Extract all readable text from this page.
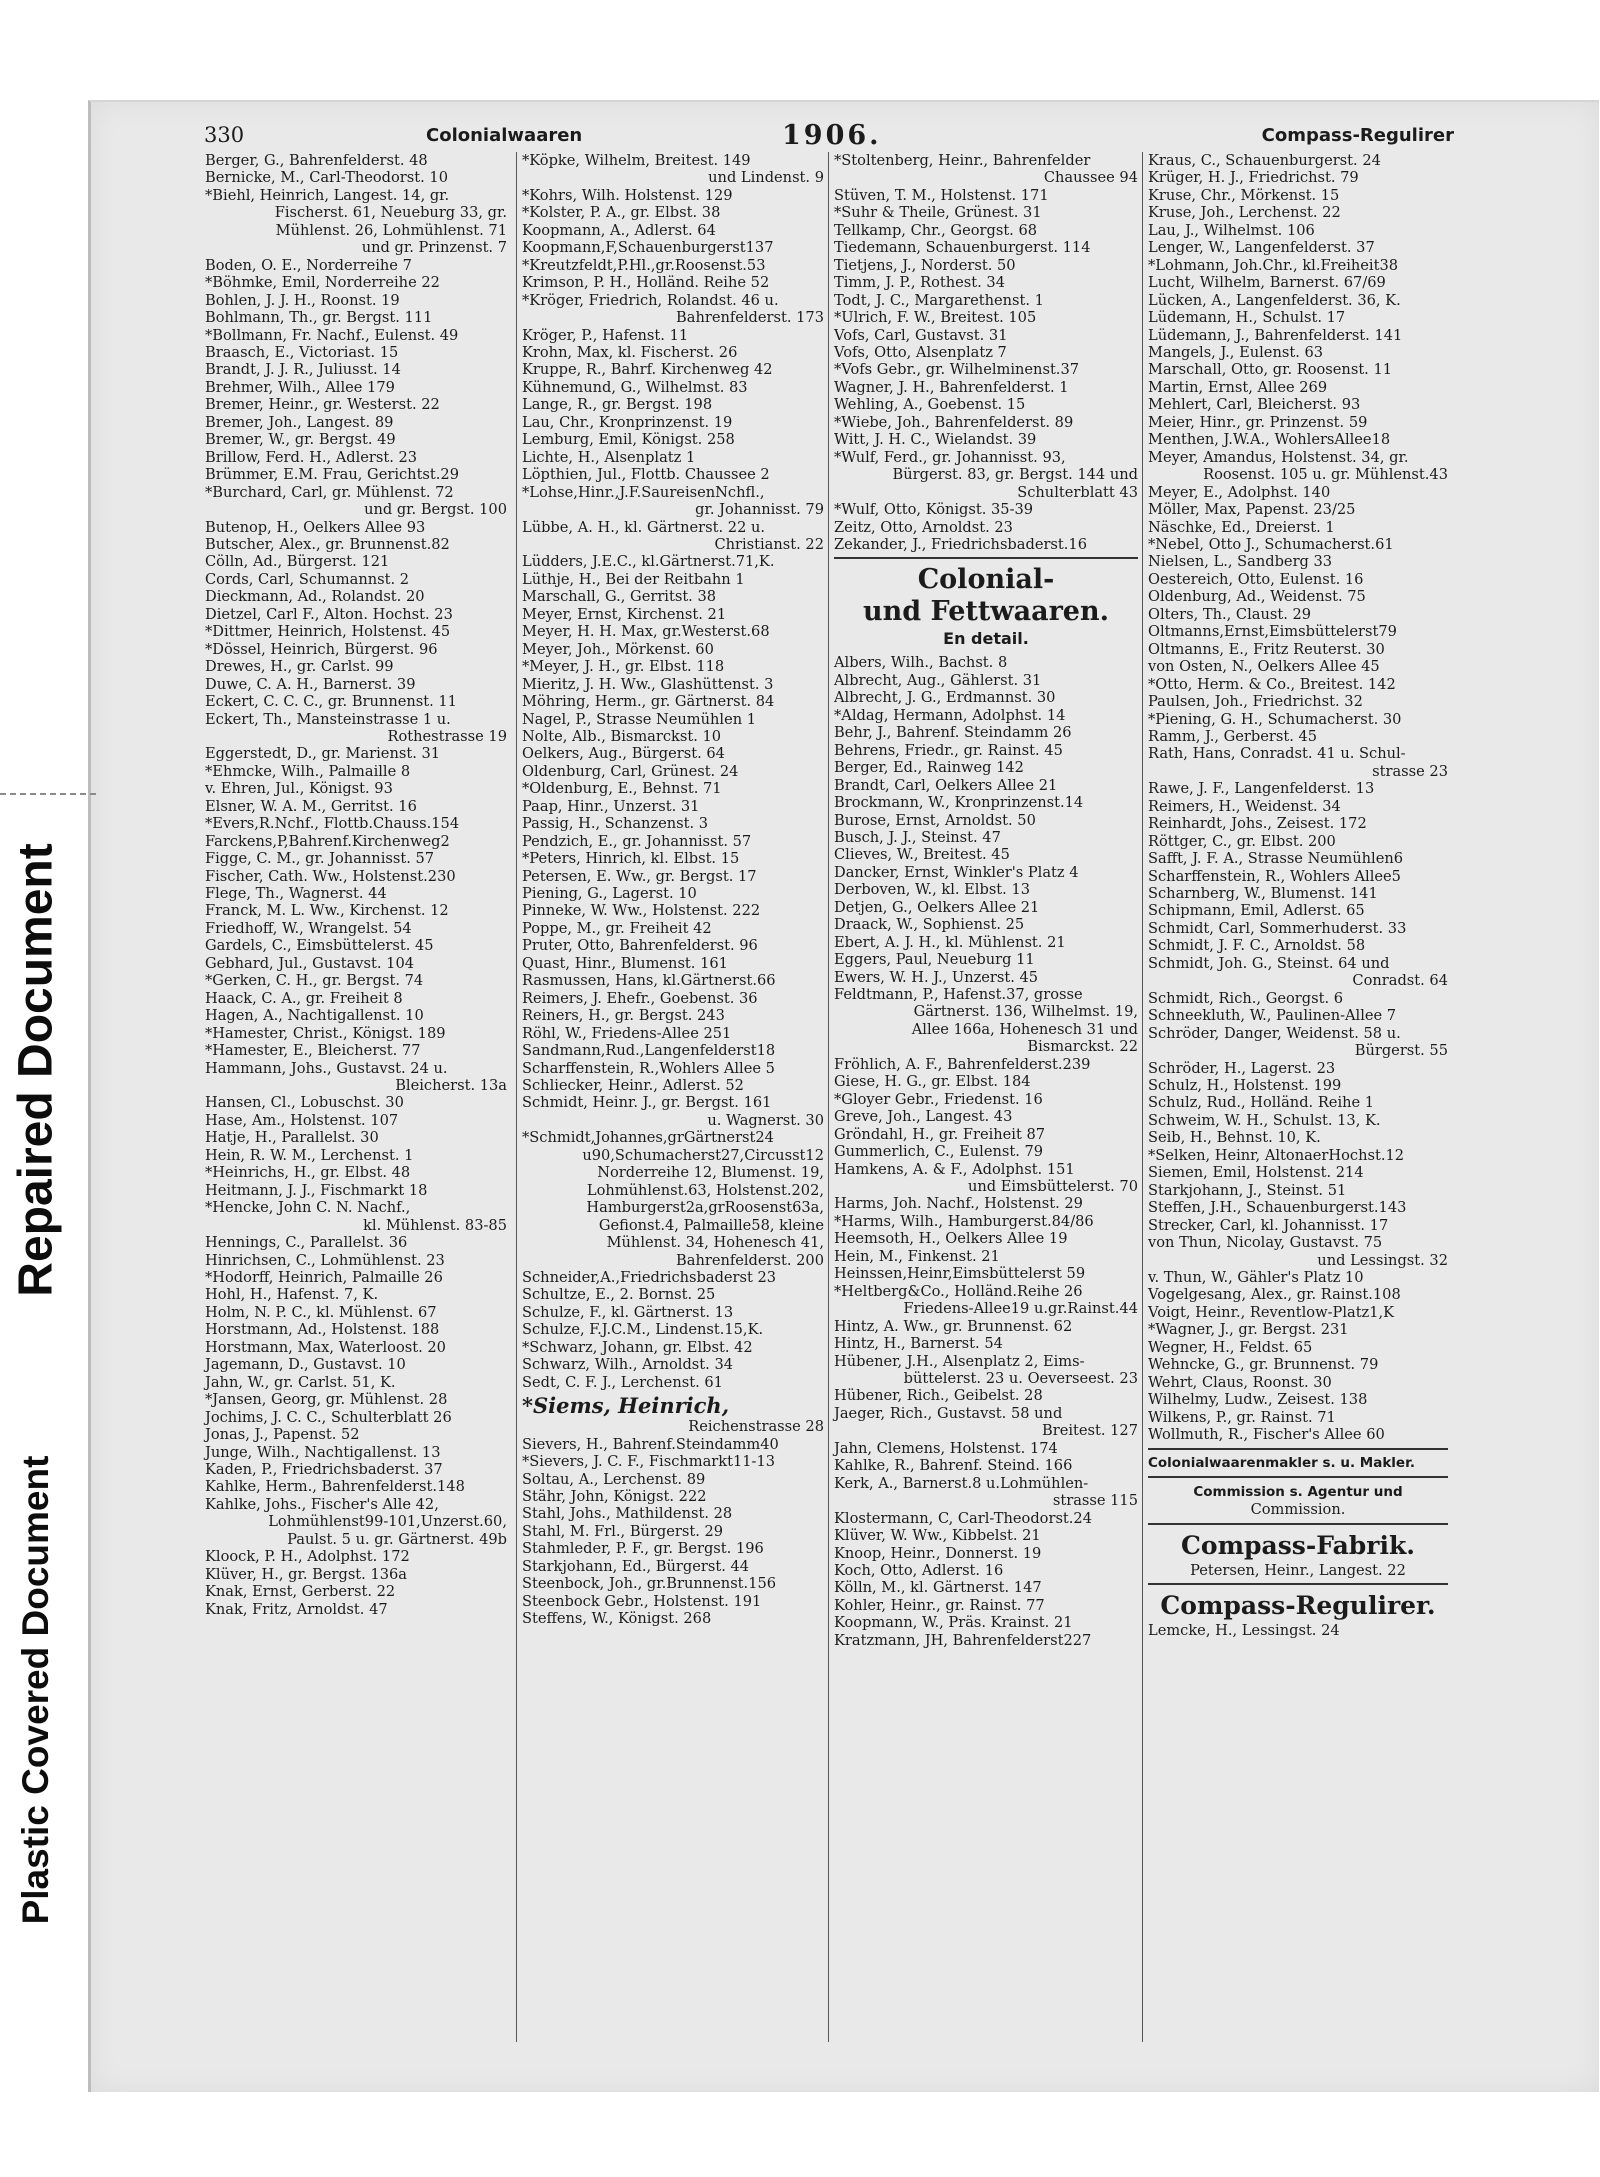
Repaired Document
Plastic Covered Document
330	Colonialwaaren	1906.	Compass-Regulirer
Berger, G., Bahrenfelderst. 48
Bernicke, M., Carl-Theodorst. 10
*Biehl, Heinrich, Langest. 14, gr.
Fischerst. 61, Neueburg 33, gr.
Mühlenst. 26, Lohmühlenst. 71
und gr. Prinzenst. 7
Boden, O. E., Norderreihe 7
*Böhmke, Emil, Norderreihe 22
Bohlen, J. J. H., Roonst. 19
Bohlmann, Th., gr. Bergst. 111
*Bollmann, Fr. Nachf., Eulenst. 49
Braasch, E., Victoriast. 15
Brandt, J. J. R., Juliusst. 14
Brehmer, Wilh., Allee 179
Bremer, Heinr., gr. Westerst. 22
Bremer, Joh., Langest. 89
Bremer, W., gr. Bergst. 49
Brillow, Ferd. H., Adlerst. 23
Brümmer, E.M. Frau, Gerichtst.29
*Burchard, Carl, gr. Mühlenst. 72
und gr. Bergst. 100
Butenop, H., Oelkers Allee 93
Butscher, Alex., gr. Brunnenst.82
Cölln, Ad., Bürgerst. 121
Cords, Carl, Schumannst. 2
Dieckmann, Ad., Rolandst. 20
Dietzel, Carl F., Alton. Hochst. 23
*Dittmer, Heinrich, Holstenst. 45
*Dössel, Heinrich, Bürgerst. 96
Drewes, H., gr. Carlst. 99
Duwe, C. A. H., Barnerst. 39
Eckert, C. C. C., gr. Brunnenst. 11
Eckert, Th., Mansteinstrasse 1 u.
Rothestrasse 19
Eggerstedt, D., gr. Marienst. 31
*Ehmcke, Wilh., Palmaille 8
v. Ehren, Jul., Königst. 93
Elsner, W. A. M., Gerritst. 16
*Evers,R.Nchf., Flottb.Chauss.154
Farckens,P,Bahrenf.Kirchenweg2
Figge, C. M., gr. Johannisst. 57
Fischer, Cath. Ww., Holstenst.230
Flege, Th., Wagnerst. 44
Franck, M. L. Ww., Kirchenst. 12
Friedhoff, W., Wrangelst. 54
Gardels, C., Eimsbüttelerst. 45
Gebhard, Jul., Gustavst. 104
*Gerken, C. H., gr. Bergst. 74
Haack, C. A., gr. Freiheit 8
Hagen, A., Nachtigallenst. 10
*Hamester, Christ., Königst. 189
*Hamester, E., Bleicherst. 77
Hammann, Johs., Gustavst. 24 u.
Bleicherst. 13a
Hansen, Cl., Lobuschst. 30
Hase, Am., Holstenst. 107
Hatje, H., Parallelst. 30
Hein, R. W. M., Lerchenst. 1
*Heinrichs, H., gr. Elbst. 48
Heitmann, J. J., Fischmarkt 18
*Hencke, John C. N. Nachf.,
kl. Mühlenst. 83-85
Hennings, C., Parallelst. 36
Hinrichsen, C., Lohmühlenst. 23
*Hodorff, Heinrich, Palmaille 26
Hohl, H., Hafenst. 7, K.
Holm, N. P. C., kl. Mühlenst. 67
Horstmann, Ad., Holstenst. 188
Horstmann, Max, Waterloost. 20
Jagemann, D., Gustavst. 10
Jahn, W., gr. Carlst. 51, K.
*Jansen, Georg, gr. Mühlenst. 28
Jochims, J. C. C., Schulterblatt 26
Jonas, J., Papenst. 52
Junge, Wilh., Nachtigallenst. 13
Kaden, P., Friedrichsbaderst. 37
Kahlke, Herm., Bahrenfelderst.148
Kahlke, Johs., Fischer's Alle 42,
Lohmühlenst99-101,Unzerst.60,
Paulst. 5 u. gr. Gärtnerst. 49b
Kloock, P. H., Adolphst. 172
Klüver, H., gr. Bergst. 136a
Knak, Ernst, Gerberst. 22
Knak, Fritz, Arnoldst. 47
*Köpke, Wilhelm, Breitest. 149
und Lindenst. 9
*Kohrs, Wilh. Holstenst. 129
*Kolster, P. A., gr. Elbst. 38
Koopmann, A., Adlerst. 64
Koopmann,F,Schauenburgerst137
*Kreutzfeldt,P.Hl.,gr.Roosenst.53
Krimson, P. H., Holländ. Reihe 52
*Kröger, Friedrich, Rolandst. 46 u.
Bahrenfelderst. 173
Kröger, P., Hafenst. 11
Krohn, Max, kl. Fischerst. 26
Kruppe, R., Bahrf. Kirchenweg 42
Kühnemund, G., Wilhelmst. 83
Lange, R., gr. Bergst. 198
Lau, Chr., Kronprinzenst. 19
Lemburg, Emil, Königst. 258
Lichte, H., Alsenplatz 1
Löpthien, Jul., Flottb. Chaussee 2
*Lohse,Hinr.,J.F.SaureisenNchfl.,
gr. Johannisst. 79
Lübbe, A. H., kl. Gärtnerst. 22 u.
Christianst. 22
Lüdders, J.E.C., kl.Gärtnerst.71,K.
Lüthje, H., Bei der Reitbahn 1
Marschall, G., Gerritst. 38
Meyer, Ernst, Kirchenst. 21
Meyer, H. H. Max, gr.Westerst.68
Meyer, Joh., Mörkenst. 60
*Meyer, J. H., gr. Elbst. 118
Mieritz, J. H. Ww., Glashüttenst. 3
Möhring, Herm., gr. Gärtnerst. 84
Nagel, P., Strasse Neumühlen 1
Nolte, Alb., Bismarckst. 10
Oelkers, Aug., Bürgerst. 64
Oldenburg, Carl, Grünest. 24
*Oldenburg, E., Behnst. 71
Paap, Hinr., Unzerst. 31
Passig, H., Schanzenst. 3
Pendzich, E., gr. Johannisst. 57
*Peters, Hinrich, kl. Elbst. 15
Petersen, E. Ww., gr. Bergst. 17
Piening, G., Lagerst. 10
Pinneke, W. Ww., Holstenst. 222
Poppe, M., gr. Freiheit 42
Pruter, Otto, Bahrenfelderst. 96
Quast, Hinr., Blumenst. 161
Rasmussen, Hans, kl.Gärtnerst.66
Reimers, J. Ehefr., Goebenst. 36
Reiners, H., gr. Bergst. 243
Röhl, W., Friedens-Allee 251
Sandmann,Rud.,Langenfelderst18
Scharffenstein, R.,Wohlers Allee 5
Schliecker, Heinr., Adlerst. 52
Schmidt, Heinr. J., gr. Bergst. 161
u. Wagnerst. 30
*Schmidt,Johannes,grGärtnerst24
u90,Schumacherst27,Circusst12
Norderreihe 12, Blumenst. 19,
Lohmühlenst.63, Holstenst.202,
Hamburgerst2a,grRoosenst63a,
Gefionst.4, Palmaille58, kleine
Mühlenst. 34, Hohenesch 41,
Bahrenfelderst. 200
Schneider,A.,Friedrichsbaderst 23
Schultze, E., 2. Bornst. 25
Schulze, F., kl. Gärtnerst. 13
Schulze, F.J.C.M., Lindenst.15,K.
*Schwarz, Johann, gr. Elbst. 42
Schwarz, Wilh., Arnoldst. 34
Sedt, C. F. J., Lerchenst. 61
*Siems, Heinrich,
Reichenstrasse 28
Sievers, H., Bahrenf.Steindamm40
*Sievers, J. C. F., Fischmarkt11-13
Soltau, A., Lerchenst. 89
Stähr, John, Königst. 222
Stahl, Johs., Mathildenst. 28
Stahl, M. Frl., Bürgerst. 29
Stahmleder, P. F., gr. Bergst. 196
Starkjohann, Ed., Bürgerst. 44
Steenbock, Joh., gr.Brunnenst.156
Steenbock Gebr., Holstenst. 191
Steffens, W., Königst. 268
*Stoltenberg, Heinr., Bahrenfelder
Chaussee 94
Stüven, T. M., Holstenst. 171
*Suhr & Theile, Grünest. 31
Tellkamp, Chr., Georgst. 68
Tiedemann, Schauenburgerst. 114
Tietjens, J., Norderst. 50
Timm, J. P., Rothest. 34
Todt, J. C., Margarethenst. 1
*Ulrich, F. W., Breitest. 105
Vofs, Carl, Gustavst. 31
Vofs, Otto, Alsenplatz 7
*Vofs Gebr., gr. Wilhelminenst.37
Wagner, J. H., Bahrenfelderst. 1
Wehling, A., Goebenst. 15
*Wiebe, Joh., Bahrenfelderst. 89
Witt, J. H. C., Wielandst. 39
*Wulf, Ferd., gr. Johannisst. 93,
Bürgerst. 83, gr. Bergst. 144 und
Schulterblatt 43
*Wulf, Otto, Königst. 35-39
Zeitz, Otto, Arnoldst. 23
Zekander, J., Friedrichsbaderst.16
Colonial-
und Fettwaaren.
En detail.
Albers, Wilh., Bachst. 8
Albrecht, Aug., Gählerst. 31
Albrecht, J. G., Erdmannst. 30
*Aldag, Hermann, Adolphst. 14
Behr, J., Bahrenf. Steindamm 26
Behrens, Friedr., gr. Rainst. 45
Berger, Ed., Rainweg 142
Brandt, Carl, Oelkers Allee 21
Brockmann, W., Kronprinzenst.14
Burose, Ernst, Arnoldst. 50
Busch, J. J., Steinst. 47
Clieves, W., Breitest. 45
Dancker, Ernst, Winkler's Platz 4
Derboven, W., kl. Elbst. 13
Detjen, G., Oelkers Allee 21
Draack, W., Sophienst. 25
Ebert, A. J. H., kl. Mühlenst. 21
Eggers, Paul, Neueburg 11
Ewers, W. H. J., Unzerst. 45
Feldtmann, P., Hafenst.37, grosse
Gärtnerst. 136, Wilhelmst. 19,
Allee 166a, Hohenesch 31 und
Bismarckst. 22
Fröhlich, A. F., Bahrenfelderst.239
Giese, H. G., gr. Elbst. 184
*Gloyer Gebr., Friedenst. 16
Greve, Joh., Langest. 43
Gröndahl, H., gr. Freiheit 87
Gummerlich, C., Eulenst. 79
Hamkens, A. & F., Adolphst. 151
und Eimsbüttelerst. 70
Harms, Joh. Nachf., Holstenst. 29
*Harms, Wilh., Hamburgerst.84/86
Heemsoth, H., Oelkers Allee 19
Hein, M., Finkenst. 21
Heinssen,Heinr,Eimsbüttelerst 59
*Heltberg&Co., Holländ.Reihe 26
Friedens-Allee19 u.gr.Rainst.44
Hintz, A. Ww., gr. Brunnenst. 62
Hintz, H., Barnerst. 54
Hübener, J.H., Alsenplatz 2, Eims-
büttelerst. 23 u. Oeverseest. 23
Hübener, Rich., Geibelst. 28
Jaeger, Rich., Gustavst. 58 und
Breitest. 127
Jahn, Clemens, Holstenst. 174
Kahlke, R., Bahrenf. Steind. 166
Kerk, A., Barnerst.8 u.Lohmühlen-
strasse 115
Klostermann, C, Carl-Theodorst.24
Klüver, W. Ww., Kibbelst. 21
Knoop, Heinr., Donnerst. 19
Koch, Otto, Adlerst. 16
Kölln, M., kl. Gärtnerst. 147
Kohler, Heinr., gr. Rainst. 77
Koopmann, W., Präs. Krainst. 21
Kratzmann, JH, Bahrenfelderst227
Kraus, C., Schauenburgerst. 24
Krüger, H. J., Friedrichst. 79
Kruse, Chr., Mörkenst. 15
Kruse, Joh., Lerchenst. 22
Lau, J., Wilhelmst. 106
Lenger, W., Langenfelderst. 37
*Lohmann, Joh.Chr., kl.Freiheit38
Lucht, Wilhelm, Barnerst. 67/69
Lücken, A., Langenfelderst. 36, K.
Lüdemann, H., Schulst. 17
Lüdemann, J., Bahrenfelderst. 141
Mangels, J., Eulenst. 63
Marschall, Otto, gr. Roosenst. 11
Martin, Ernst, Allee 269
Mehlert, Carl, Bleicherst. 93
Meier, Hinr., gr. Prinzenst. 59
Menthen, J.W.A., WohlersAllee18
Meyer, Amandus, Holstenst. 34, gr.
Roosenst. 105 u. gr. Mühlenst.43
Meyer, E., Adolphst. 140
Möller, Max, Papenst. 23/25
Näschke, Ed., Dreierst. 1
*Nebel, Otto J., Schumacherst.61
Nielsen, L., Sandberg 33
Oestereich, Otto, Eulenst. 16
Oldenburg, Ad., Weidenst. 75
Olters, Th., Claust. 29
Oltmanns,Ernst,Eimsbüttelerst79
Oltmanns, E., Fritz Reuterst. 30
von Osten, N., Oelkers Allee 45
*Otto, Herm. & Co., Breitest. 142
Paulsen, Joh., Friedrichst. 32
*Piening, G. H., Schumacherst. 30
Ramm, J., Gerberst. 45
Rath, Hans, Conradst. 41 u. Schul-
strasse 23
Rawe, J. F., Langenfelderst. 13
Reimers, H., Weidenst. 34
Reinhardt, Johs., Zeisest. 172
Röttger, C., gr. Elbst. 200
Safft, J. F. A., Strasse Neumühlen6
Scharffenstein, R., Wohlers Allee5
Scharnberg, W., Blumenst. 141
Schipmann, Emil, Adlerst. 65
Schmidt, Carl, Sommerhuderst. 33
Schmidt, J. F. C., Arnoldst. 58
Schmidt, Joh. G., Steinst. 64 und
Conradst. 64
Schmidt, Rich., Georgst. 6
Schneekluth, W., Paulinen-Allee 7
Schröder, Danger, Weidenst. 58 u.
Bürgerst. 55
Schröder, H., Lagerst. 23
Schulz, H., Holstenst. 199
Schulz, Rud., Holländ. Reihe 1
Schweim, W. H., Schulst. 13, K.
Seib, H., Behnst. 10, K.
*Selken, Heinr, AltonaerHochst.12
Siemen, Emil, Holstenst. 214
Starkjohann, J., Steinst. 51
Steffen, J.H., Schauenburgerst.143
Strecker, Carl, kl. Johannisst. 17
von Thun, Nicolay, Gustavst. 75
und Lessingst. 32
v. Thun, W., Gähler's Platz 10
Vogelgesang, Alex., gr. Rainst.108
Voigt, Heinr., Reventlow-Platz1,K
*Wagner, J., gr. Bergst. 231
Wegner, H., Feldst. 65
Wehncke, G., gr. Brunnenst. 79
Wehrt, Claus, Roonst. 30
Wilhelmy, Ludw., Zeisest. 138
Wilkens, P., gr. Rainst. 71
Wollmuth, R., Fischer's Allee 60
Colonialwaarenmakler s. u. Makler.
Commission s. Agentur und
Commission.
Compass-Fabrik.
Petersen, Heinr., Langest. 22
Compass-Regulirer.
Lemcke, H., Lessingst. 24
